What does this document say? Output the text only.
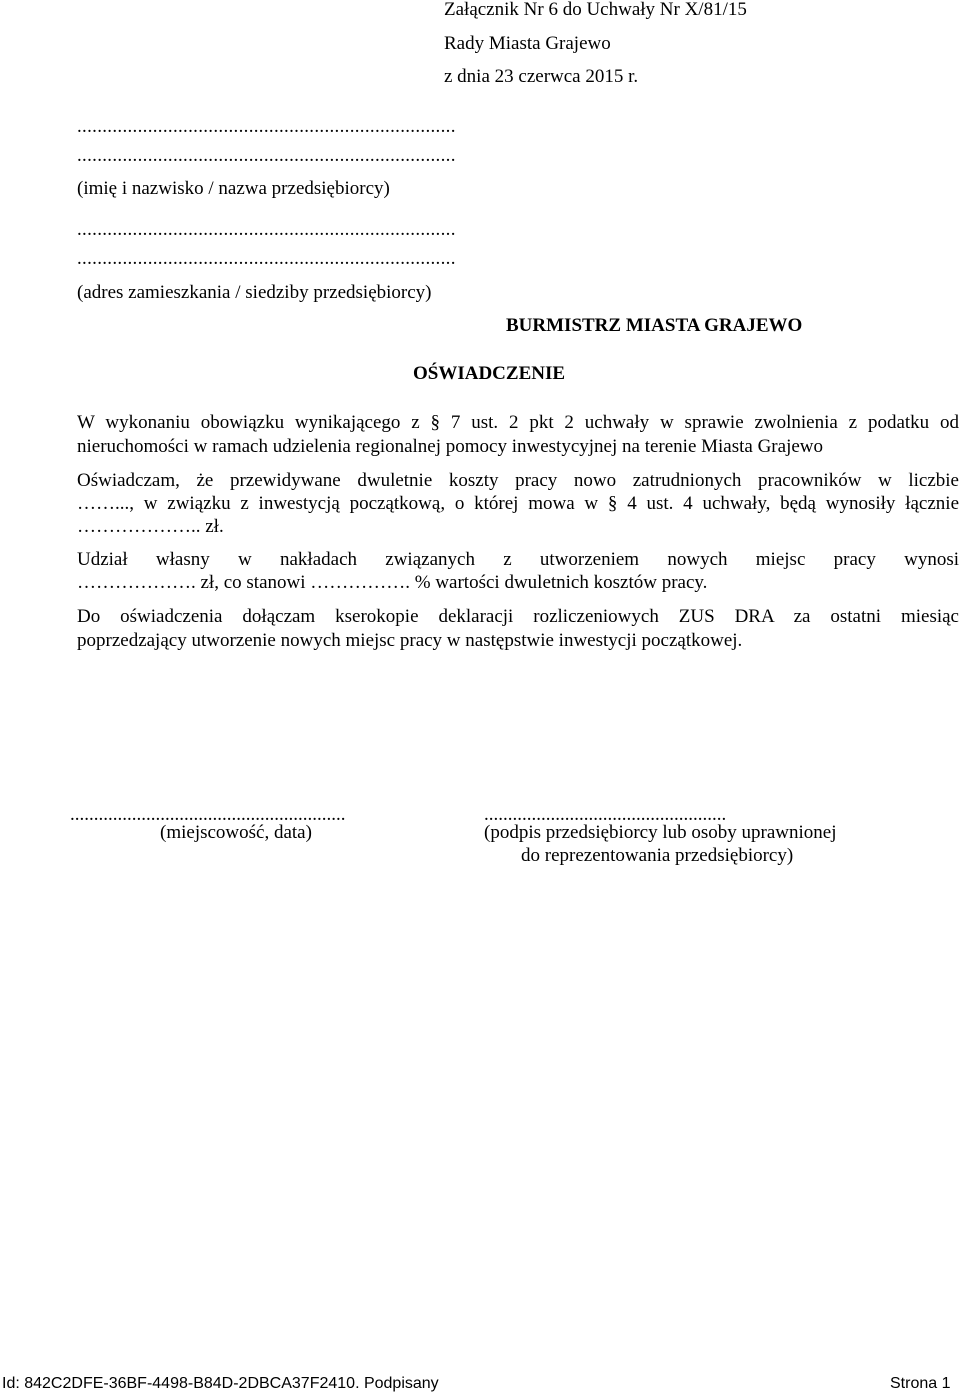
Załącznik Nr 6 do Uchwały Nr X/81/15
Rady Miasta Grajewo
z dnia 23 czerwca 2015 r.
...........................................................................
...........................................................................
(imię i nazwisko / nazwa przedsiębiorcy)
...........................................................................
...........................................................................
(adres zamieszkania / siedziby przedsiębiorcy)
BURMISTRZ MIASTA GRAJEWO
OŚWIADCZENIE
W wykonaniu obowiązku wynikającego z § 7 ust. 2 pkt 2 uchwały w sprawie zwolnienia z podatku od
nieruchomości w ramach udzielenia regionalnej pomocy inwestycyjnej na terenie Miasta Grajewo
Oświadczam, że przewidywane dwuletnie koszty pracy nowo zatrudnionych pracowników w liczbie
……..., w związku z inwestycją początkową, o której mowa w § 4 ust. 4 uchwały, będą wynosiły łącznie
……………….. zł.
Udział własny w nakładach związanych z utworzeniem nowych miejsc pracy wynosi
………………. zł, co stanowi ……………. % wartości dwuletnich kosztów pracy.
Do oświadczenia dołączam kserokopie deklaracji rozliczeniowych ZUS DRA za ostatni miesiąc
poprzedzający utworzenie nowych miejsc pracy w następstwie inwestycji początkowej.
..........................................................
(miejscowość, data)
...................................................
(podpis przedsiębiorcy lub osoby uprawnionej
do reprezentowania przedsiębiorcy)
Id: 842C2DFE-36BF-4498-B84D-2DBCA37F2410. Podpisany	Strona 1
